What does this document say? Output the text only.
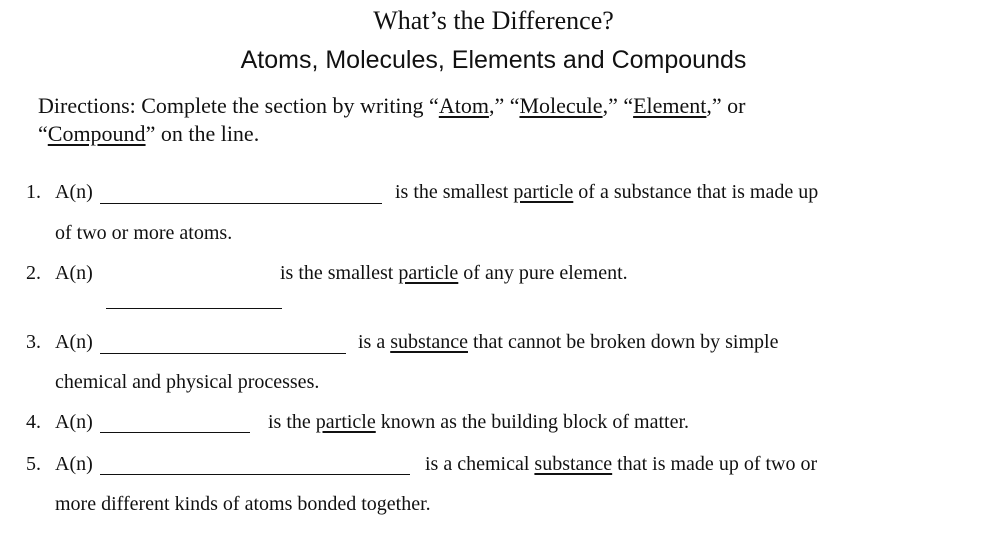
What’s the Difference?
Atoms, Molecules, Elements and Compounds
Directions: Complete the section by writing “Atom,” “Molecule,” “Element,” or
“Compound” on the line.
1. A(n)	is the smallest particle of a substance that is made up
of two or more atoms.
2. A(n)	is the smallest particle of any pure element.
3. A(n)	is a substance that cannot be broken down by simple
chemical and physical processes.
4. A(n)	is the particle known as the building block of matter.
5. A(n)	is a chemical substance that is made up of two or
more different kinds of atoms bonded together.
